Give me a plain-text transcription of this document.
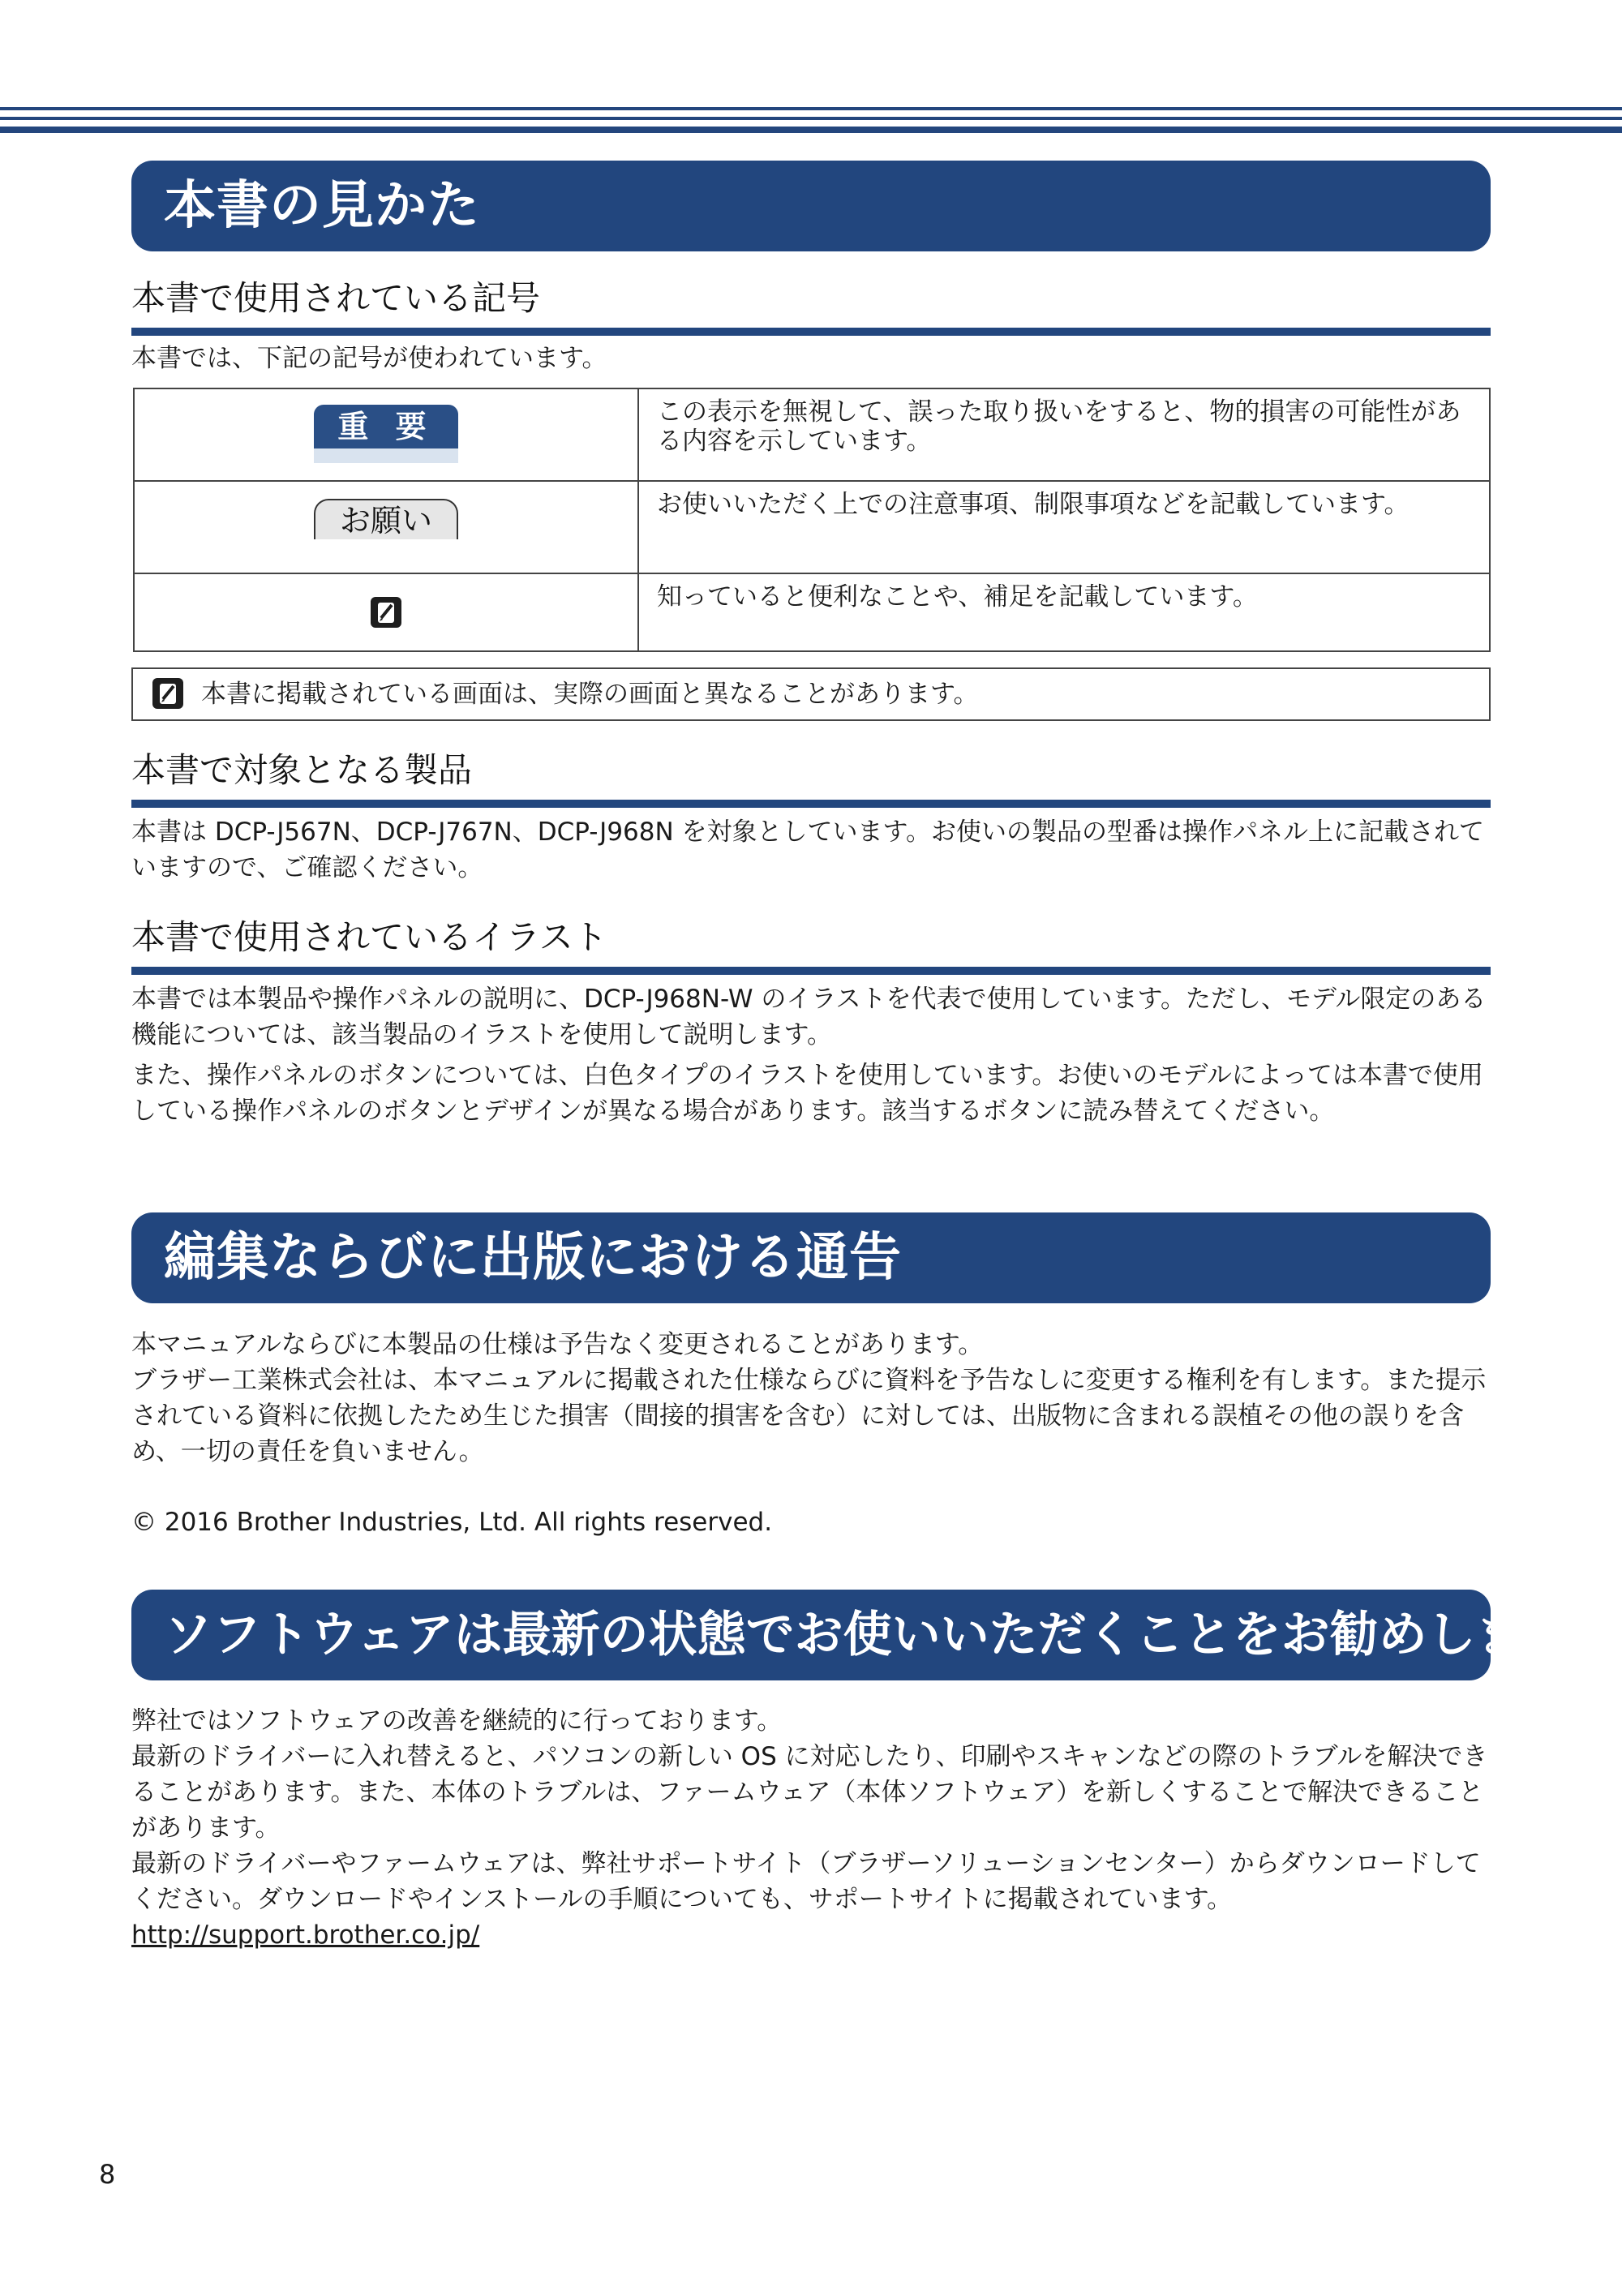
本書の見かた
本書で使用されている記号
本書では、下記の記号が使われています。
重 要	この表示を無視して、誤った取り扱いをすると、物的損害の可能性がある内容を示しています。
お願い	お使いいただく上での注意事項、制限事項などを記載しています。

	知っていると便利なことや、補足を記載しています。
本書に掲載されている画面は、実際の画面と異なることがあります。
本書で対象となる製品
本書は DCP-J567N、DCP-J767N、DCP-J968N を対象としています。お使いの製品の型番は操作パネル上に記載されていますので、ご確認ください。
本書で使用されているイラスト
本書では本製品や操作パネルの説明に、DCP-J968N-W のイラストを代表で使用しています。ただし、モデル限定のある機能については、該当製品のイラストを使用して説明します。
また、操作パネルのボタンについては、白色タイプのイラストを使用しています。お使いのモデルによっては本書で使用している操作パネルのボタンとデザインが異なる場合があります。該当するボタンに読み替えてください。
編集ならびに出版における通告
本マニュアルならびに本製品の仕様は予告なく変更されることがあります。
ブラザー工業株式会社は、本マニュアルに掲載された仕様ならびに資料を予告なしに変更する権利を有します。また提示されている資料に依拠したため生じた損害（間接的損害を含む）に対しては、出版物に含まれる誤植その他の誤りを含め、一切の責任を負いません。
© 2016 Brother Industries, Ltd. All rights reserved.
ソフトウェアは最新の状態でお使いいただくことをお勧めします
弊社ではソフトウェアの改善を継続的に行っております。
最新のドライバーに入れ替えると、パソコンの新しい OS に対応したり、印刷やスキャンなどの際のトラブルを解決できることがあります。また、本体のトラブルは、ファームウェア（本体ソフトウェア）を新しくすることで解決できることがあります。
最新のドライバーやファームウェアは、弊社サポートサイト（ブラザーソリューションセンター）からダウンロードしてください。ダウンロードやインストールの手順についても、サポートサイトに掲載されています。http://support.brother.co.jp/
8
